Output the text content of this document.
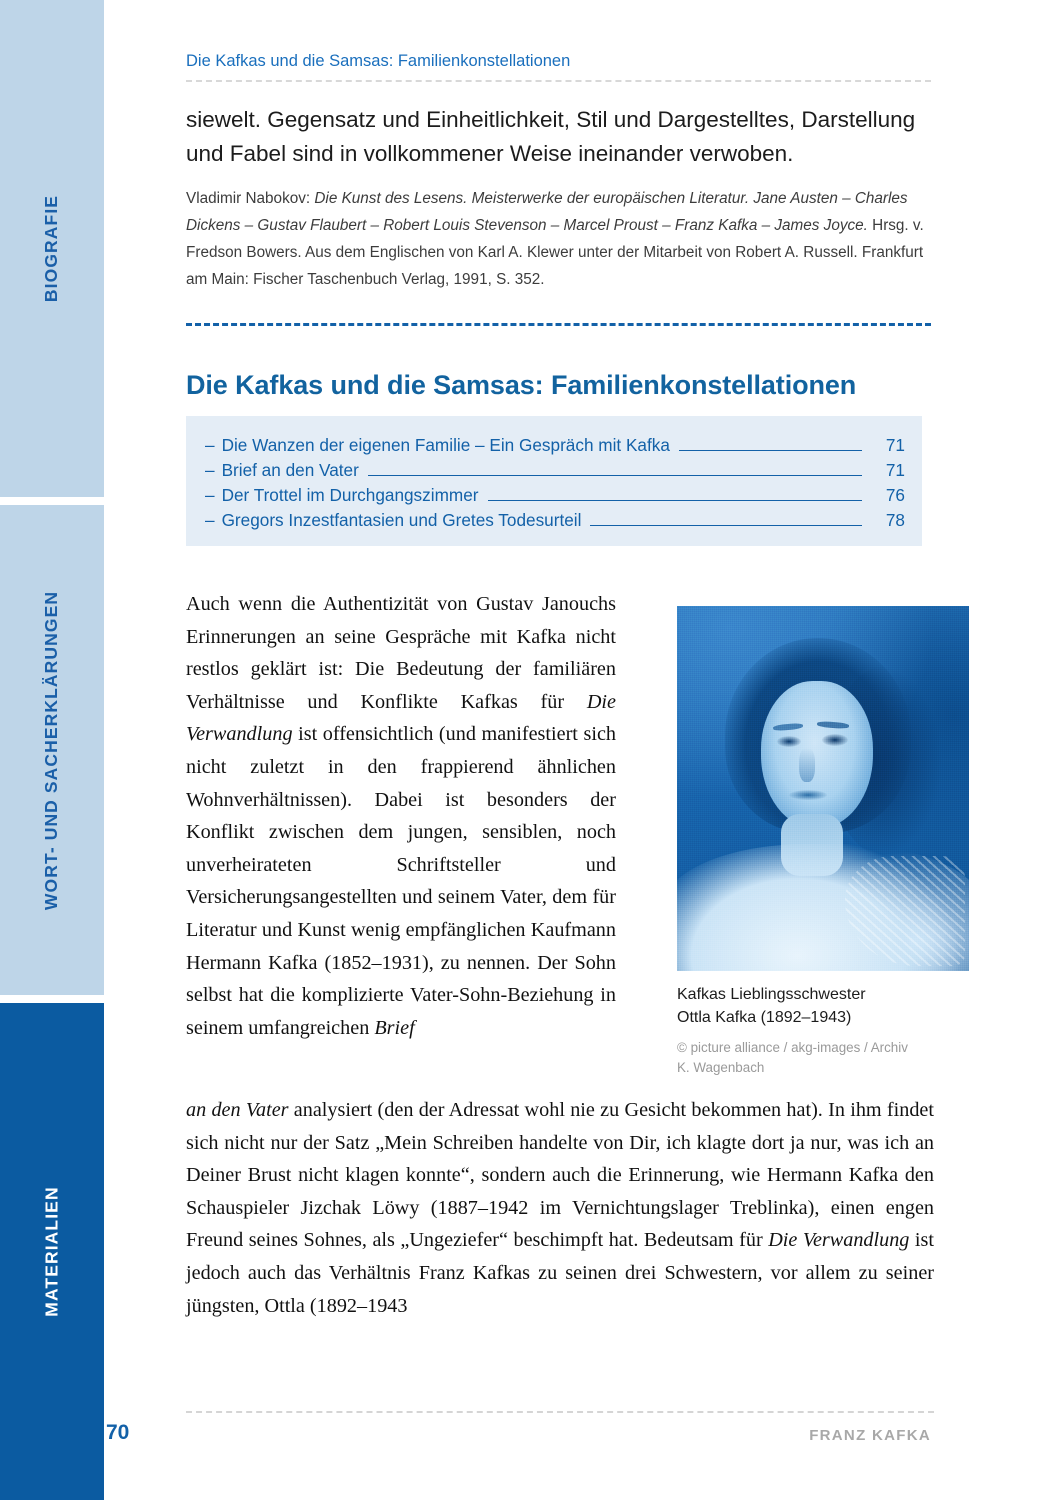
BIOGRAFIE
WORT- UND SACHERKLÄRUNGEN
MATERIALIEN
Die Kafkas und die Samsas: Familienkonstellationen
siewelt. Gegensatz und Einheitlichkeit, Stil und Dargestelltes, Darstellung und Fabel sind in vollkommener Weise ineinander verwoben.
Vladimir Nabokov: Die Kunst des Lesens. Meisterwerke der europäischen Literatur. Jane Austen – Charles Dickens – Gustav Flaubert – Robert Louis Stevenson – Marcel Proust – Franz Kafka – James Joyce. Hrsg. v. Fredson Bowers. Aus dem Englischen von Karl A. Klewer unter der Mitarbeit von Robert A. Russell. Frankfurt am Main: Fischer Taschenbuch Verlag, 1991, S. 352.
Die Kafkas und die Samsas: Familienkonstellationen
– Die Wanzen der eigenen Familie – Ein Gespräch mit Kafka	71
– Brief an den Vater	71
– Der Trottel im Durchgangszimmer	76
– Gregors Inzestfantasien und Gretes Todesurteil	78
Auch wenn die Authentizität von Gustav Janouchs Erinnerungen an seine Gespräche mit Kafka nicht restlos geklärt ist: Die Bedeutung der familiären Verhältnisse und Konflikte Kafkas für Die Verwandlung ist offensichtlich (und manifestiert sich nicht zuletzt in den frappierend ähnlichen Wohnverhältnissen). Dabei ist besonders der Konflikt zwischen dem jungen, sensiblen, noch unverheirateten Schriftsteller und Versicherungsangestellten und seinem Vater, dem für Literatur und Kunst wenig empfänglichen Kaufmann Hermann Kafka (1852–1931), zu nennen. Der Sohn selbst hat die komplizierte Vater-Sohn-Beziehung in seinem umfangreichen Brief
Kafkas Lieblingsschwester
Ottla Kafka (1892–1943)
© picture alliance / akg-images / Archiv
K. Wagenbach
an den Vater analysiert (den der Adressat wohl nie zu Gesicht bekommen hat). In ihm findet sich nicht nur der Satz „Mein Schreiben handelte von Dir, ich klagte dort ja nur, was ich an Deiner Brust nicht klagen konnte“, sondern auch die Erinnerung, wie Hermann Kafka den Schauspieler Jizchak Löwy (1887–1942 im Vernichtungslager Treblinka), einen engen Freund seines Sohnes, als „Ungeziefer“ beschimpft hat. Bedeutsam für Die Verwandlung ist jedoch auch das Verhältnis Franz Kafkas zu seinen drei Schwestern, vor allem zu seiner jüngsten, Ottla (1892–1943
70	FRANZ KAFKA
